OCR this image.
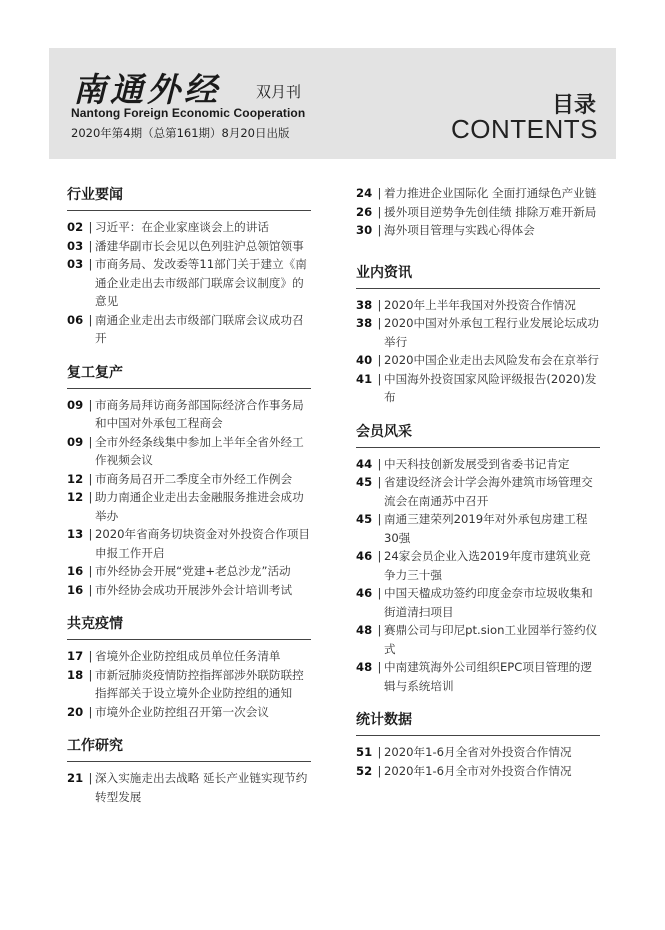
南通外经 双月刊
Nantong Foreign Economic Cooperation
2020年第4期（总第161期）8月20日出版
目录
CONTENTS
行业要闻
02 | 习近平：在企业家座谈会上的讲话
03 | 潘建华副市长会见以色列驻沪总领馆领事
03 | 市商务局、发改委等11部门关于建立《南通企业走出去市级部门联席会议制度》的意见
06 | 南通企业走出去市级部门联席会议成功召开
复工复产
09 | 市商务局拜访商务部国际经济合作事务局和中国对外承包工程商会
09 | 全市外经条线集中参加上半年全省外经工作视频会议
12 | 市商务局召开二季度全市外经工作例会
12 | 助力南通企业走出去金融服务推进会成功举办
13 | 2020年省商务切块资金对外投资合作项目申报工作开启
16 | 市外经协会开展“党建+老总沙龙”活动
16 | 市外经协会成功开展涉外会计培训考试
共克疫情
17 | 省境外企业防控组成员单位任务清单
18 | 市新冠肺炎疫情防控指挥部涉外联防联控指挥部关于设立境外企业防控组的通知
20 | 市境外企业防控组召开第一次会议
工作研究
21 | 深入实施走出去战略 延长产业链实现节约转型发展
24 | 着力推进企业国际化 全面打通绿色产业链
26 | 援外项目逆势争先创佳绩 排除万难开新局
30 | 海外项目管理与实践心得体会
业内资讯
38 | 2020年上半年我国对外投资合作情况
38 | 2020中国对外承包工程行业发展论坛成功举行
40 | 2020中国企业走出去风险发布会在京举行
41 | 中国海外投资国家风险评级报告(2020)发布
会员风采
44 | 中天科技创新发展受到省委书记肯定
45 | 省建设经济会计学会海外建筑市场管理交流会在南通苏中召开
45 | 南通三建荣列2019年对外承包房建工程30强
46 | 24家会员企业入选2019年度市建筑业竞争力三十强
46 | 中国天楹成功签约印度金奈市垃圾收集和街道清扫项目
48 | 赛鼎公司与印尼pt.sion工业园举行签约仪式
48 | 中南建筑海外公司组织EPC项目管理的逻辑与系统培训
统计数据
51 | 2020年1-6月全省对外投资合作情况
52 | 2020年1-6月全市对外投资合作情况
